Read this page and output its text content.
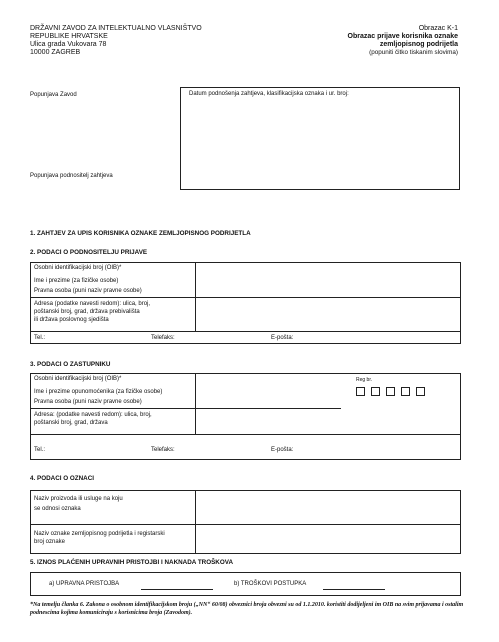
DRŽAVNI ZAVOD ZA INTELEKTUALNO VLASNIŠTVO
REPUBLIKE HRVATSKE
Ulica grada Vukovara 78
10000 ZAGREB
Obrazac K-1
Obrazac prijave korisnika oznake
zemljopisnog podrijetla
(popuniti čitko tiskanim slovima)
Popunjava Zavod
Popunjava podnositelj zahtjeva
Datum podnošenja zahtjeva, klasifikacijska oznaka i ur. broj:
1. ZAHTJEV ZA UPIS KORISNIKA OZNAKE ZEMLJOPISNOG PODRIJETLA
2. PODACI O PODNOSITELJU PRIJAVE
Osobni identifikacijski broj (OIB)*
Ime i prezime (za fizičke osobe)
Pravna osoba (puni naziv pravne osobe)
Adresa (podatke navesti redom): ulica, broj,
poštanski broj, grad, država prebivališta
ili država poslovnog sjedišta
Tel.:	Telefaks:	E-pošta:
3. PODACI O ZASTUPNIKU
Osobni identifikacijski broj (OIB)*
Ime i prezime opunomoćenika (za fizičke osobe)
Pravna osoba (puni naziv pravne osobe)
Adresa: (podatke navesti redom): ulica, broj,
poštanski broj, grad, država
Reg br.
Tel.:	Telefaks:	E-pošta:
4. PODACI O OZNACI
Naziv proizvoda ili usluge na koju
se odnosi oznaka
Naziv oznake zemljopisnog podrijetla i registarski
broj oznake
5. IZNOS PLAĆENIH UPRAVNIH PRISTOJBI I NAKNADA TROŠKOVA
a) UPRAVNA PRISTOJBA	b) TROŠKOVI POSTUPKA
*Na temelju članka 6. Zakona o osobnom identifikacijskom broju („NN“ 60/08) obveznici broja obvezni su od 1.1.2010. koristiti dodijeljeni im OIB na svim prijavama i ostalim podnescima kojima komuniciraju s korisnicima broja (Zavodom).
